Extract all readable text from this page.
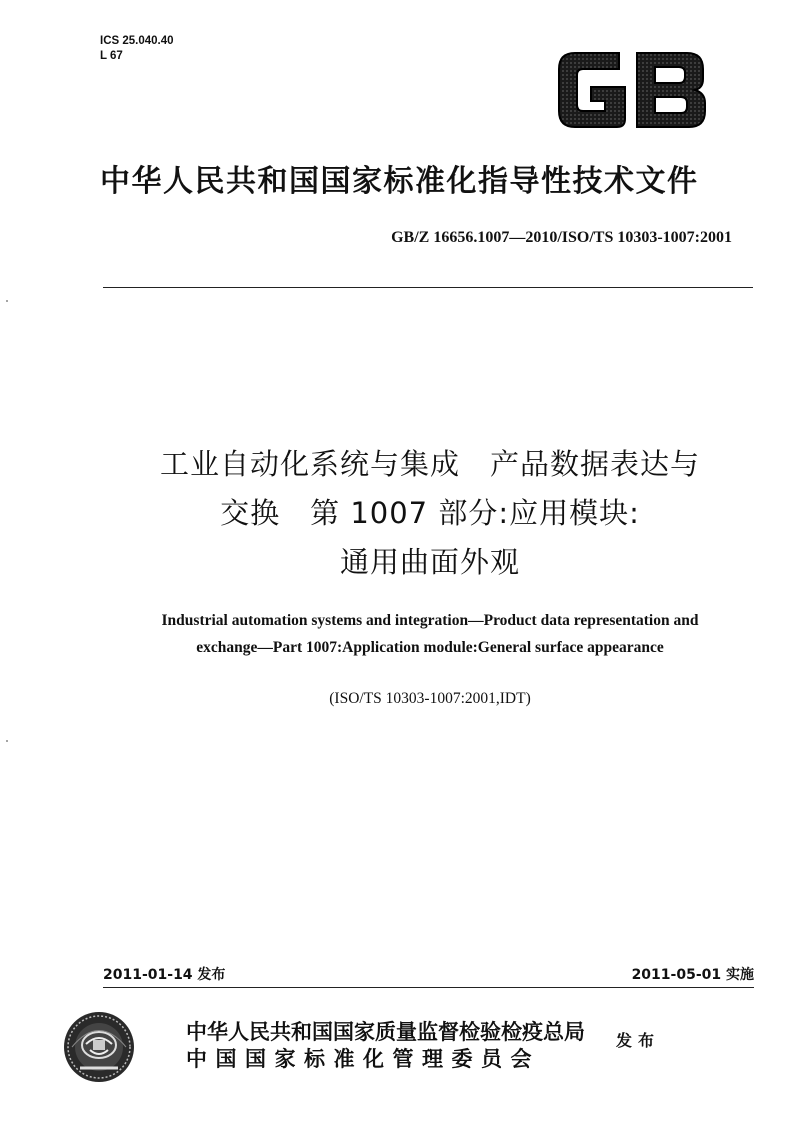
ICS 25.040.40
L 67
中华人民共和国国家标准化指导性技术文件
GB/Z 16656.1007—2010/ISO/TS 10303-1007:2001
工业自动化系统与集成　产品数据表达与
交换　第 1007 部分:应用模块:
通用曲面外观
Industrial automation systems and integration—Product data representation and
exchange—Part 1007:Application module:General surface appearance
(ISO/TS 10303-1007:2001,IDT)
2011-01-14 发布	2011-05-01 实施
中华人民共和国国家质量监督检验检疫总局
中国国家标准化管理委员会
发布
